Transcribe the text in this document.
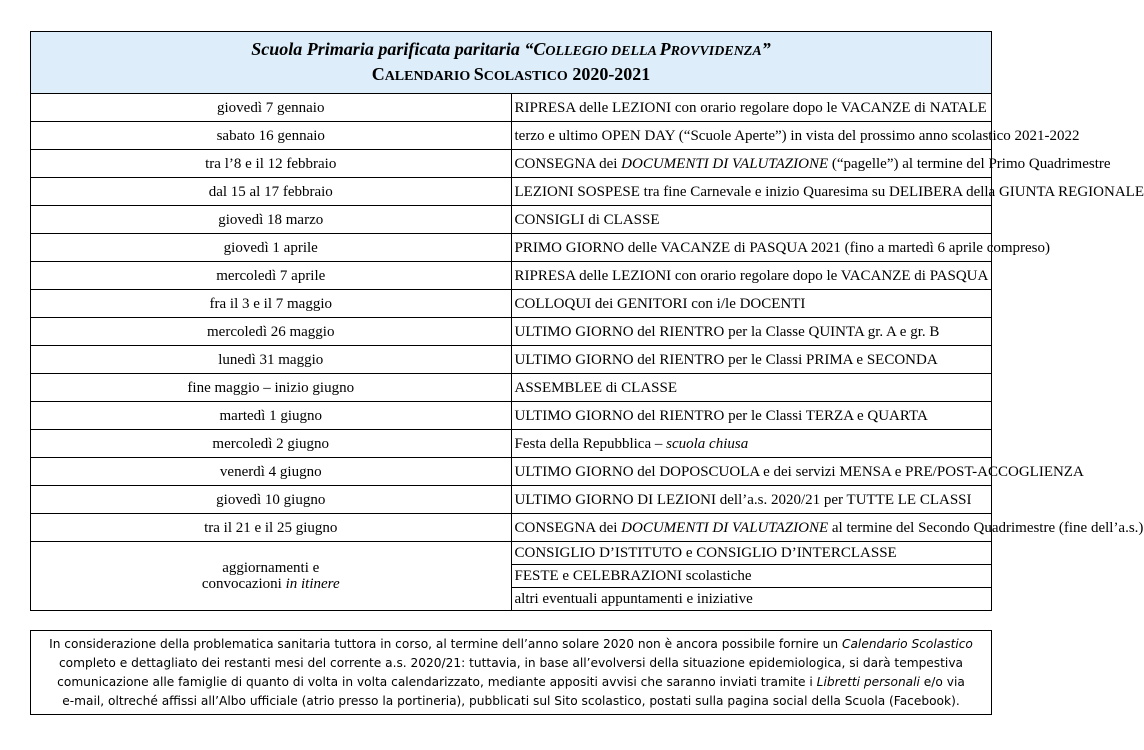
Scuola Primaria parificata paritaria “COLLEGIO DELLA PROVVIDENZA”
CALENDARIO SCOLASTICO 2020-2021	

giovedì 7 gennaio	RIPRESA delle LEZIONI con orario regolare dopo le VACANZE di NATALE
sabato 16 gennaio	terzo e ultimo OPEN DAY (“Scuole Aperte”) in vista del prossimo anno scolastico 2021-2022
tra l’8 e il 12 febbraio	CONSEGNA dei DOCUMENTI DI VALUTAZIONE (“pagelle”) al termine del Primo Quadrimestre
dal 15 al 17 febbraio	LEZIONI SOSPESE tra fine Carnevale e inizio Quaresima su DELIBERA della GIUNTA REGIONALE
giovedì 18 marzo	CONSIGLI di CLASSE
giovedì 1 aprile	PRIMO GIORNO delle VACANZE di PASQUA 2021 (fino a martedì 6 aprile compreso)
mercoledì 7 aprile	RIPRESA delle LEZIONI con orario regolare dopo le VACANZE di PASQUA
fra il 3 e il 7 maggio	COLLOQUI dei GENITORI con i/le DOCENTI
mercoledì 26 maggio	ULTIMO GIORNO del RIENTRO per la Classe QUINTA gr. A e gr. B
lunedì 31 maggio	ULTIMO GIORNO del RIENTRO per le Classi PRIMA e SECONDA
fine maggio – inizio giugno	ASSEMBLEE di CLASSE
martedì 1 giugno	ULTIMO GIORNO del RIENTRO per le Classi TERZA e QUARTA
mercoledì 2 giugno	Festa della Repubblica – scuola chiusa
venerdì 4 giugno	ULTIMO GIORNO del DOPOSCUOLA e dei servizi MENSA e PRE/POST-ACCOGLIENZA
giovedì 10 giugno	ULTIMO GIORNO DI LEZIONI dell’a.s. 2020/21 per TUTTE LE CLASSI
tra il 21 e il 25 giugno	CONSEGNA dei DOCUMENTI DI VALUTAZIONE al termine del Secondo Quadrimestre (fine dell’a.s.)
aggiornamenti e
convocazioni in itinere	CONSIGLIO D’ISTITUTO e CONSIGLIO D’INTERCLASSE
	FESTE e CELEBRAZIONI scolastiche
	altri eventuali appuntamenti e iniziative
In considerazione della problematica sanitaria tuttora in corso, al termine dell’anno solare 2020 non è ancora possibile fornire un Calendario Scolastico
completo e dettagliato dei restanti mesi del corrente a.s. 2020/21: tuttavia, in base all’evolversi della situazione epidemiologica, si darà tempestiva
comunicazione alle famiglie di quanto di volta in volta calendarizzato, mediante appositi avvisi che saranno inviati tramite i Libretti personali e/o via
e-mail, oltreché affissi all’Albo ufficiale (atrio presso la portineria), pubblicati sul Sito scolastico, postati sulla pagina social della Scuola (Facebook).
